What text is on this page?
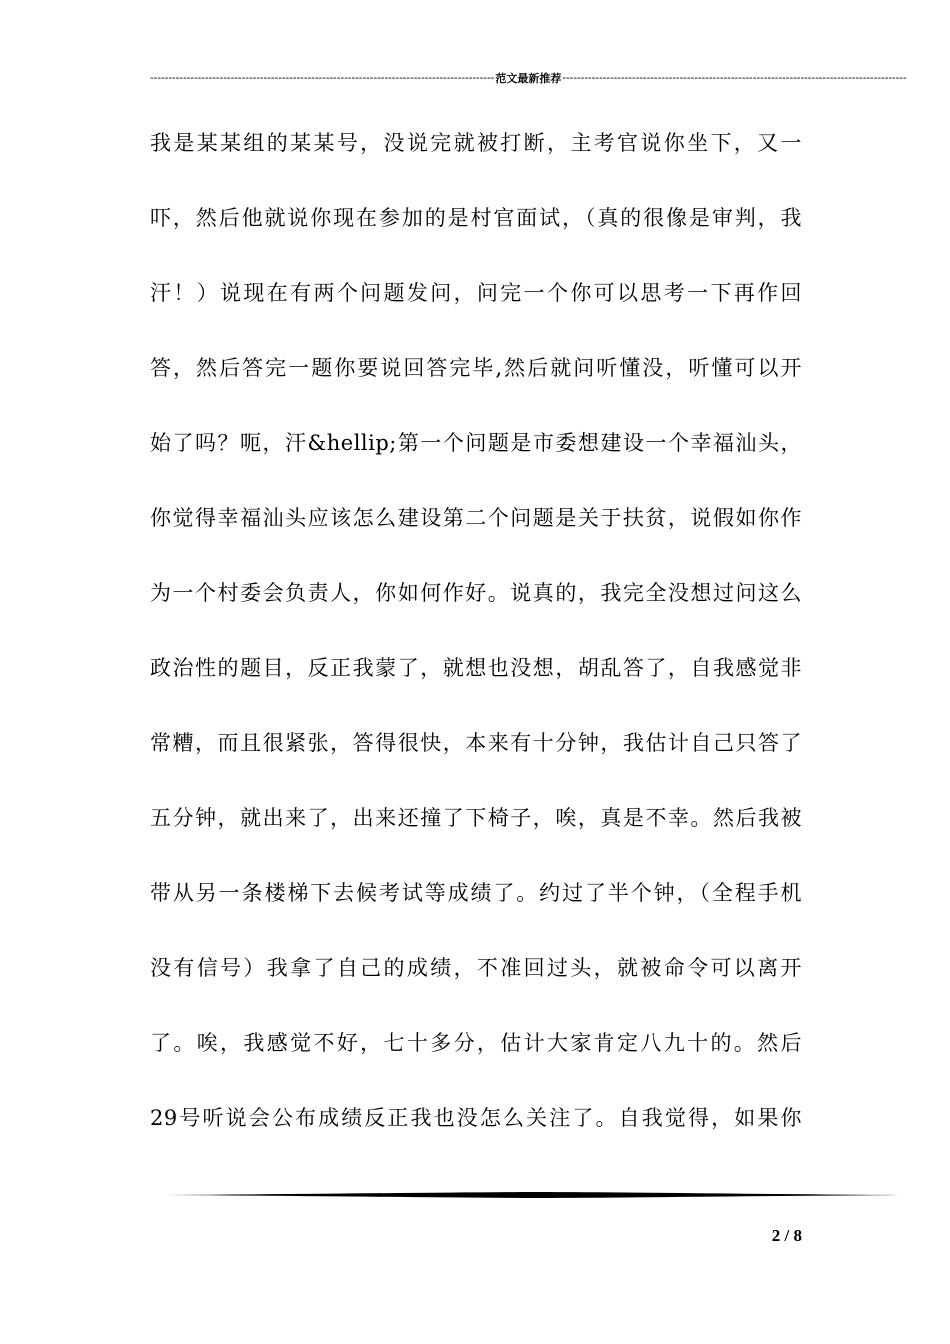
---------------------------------------------------------------------------------------------- 范文最新推荐 ----------------------------------------------------------------------------------------------
我是某某组的某某号，没说完就被打断，主考官说你坐下，又一
吓，然后他就说你现在参加的是村官面试，（真的很像是审判，我
汗！）说现在有两个问题发问，问完一个你可以思考一下再作回
答，然后答完一题你要说回答完毕,然后就问听懂没，听懂可以开
始了吗？呃，汗&hellip;第一个问题是市委想建设一个幸福汕头，
你觉得幸福汕头应该怎么建设第二个问题是关于扶贫，说假如你作
为一个村委会负责人，你如何作好。说真的，我完全没想过问这么
政治性的题目，反正我蒙了，就想也没想，胡乱答了，自我感觉非
常糟，而且很紧张，答得很快，本来有十分钟，我估计自己只答了
五分钟，就出来了，出来还撞了下椅子，唉，真是不幸。然后我被
带从另一条楼梯下去候考试等成绩了。约过了半个钟，（全程手机
没有信号）我拿了自己的成绩，不准回过头，就被命令可以离开
了。唉，我感觉不好，七十多分，估计大家肯定八九十的。然后
29号听说会公布成绩反正我也没怎么关注了。自我觉得，如果你
2 / 8
